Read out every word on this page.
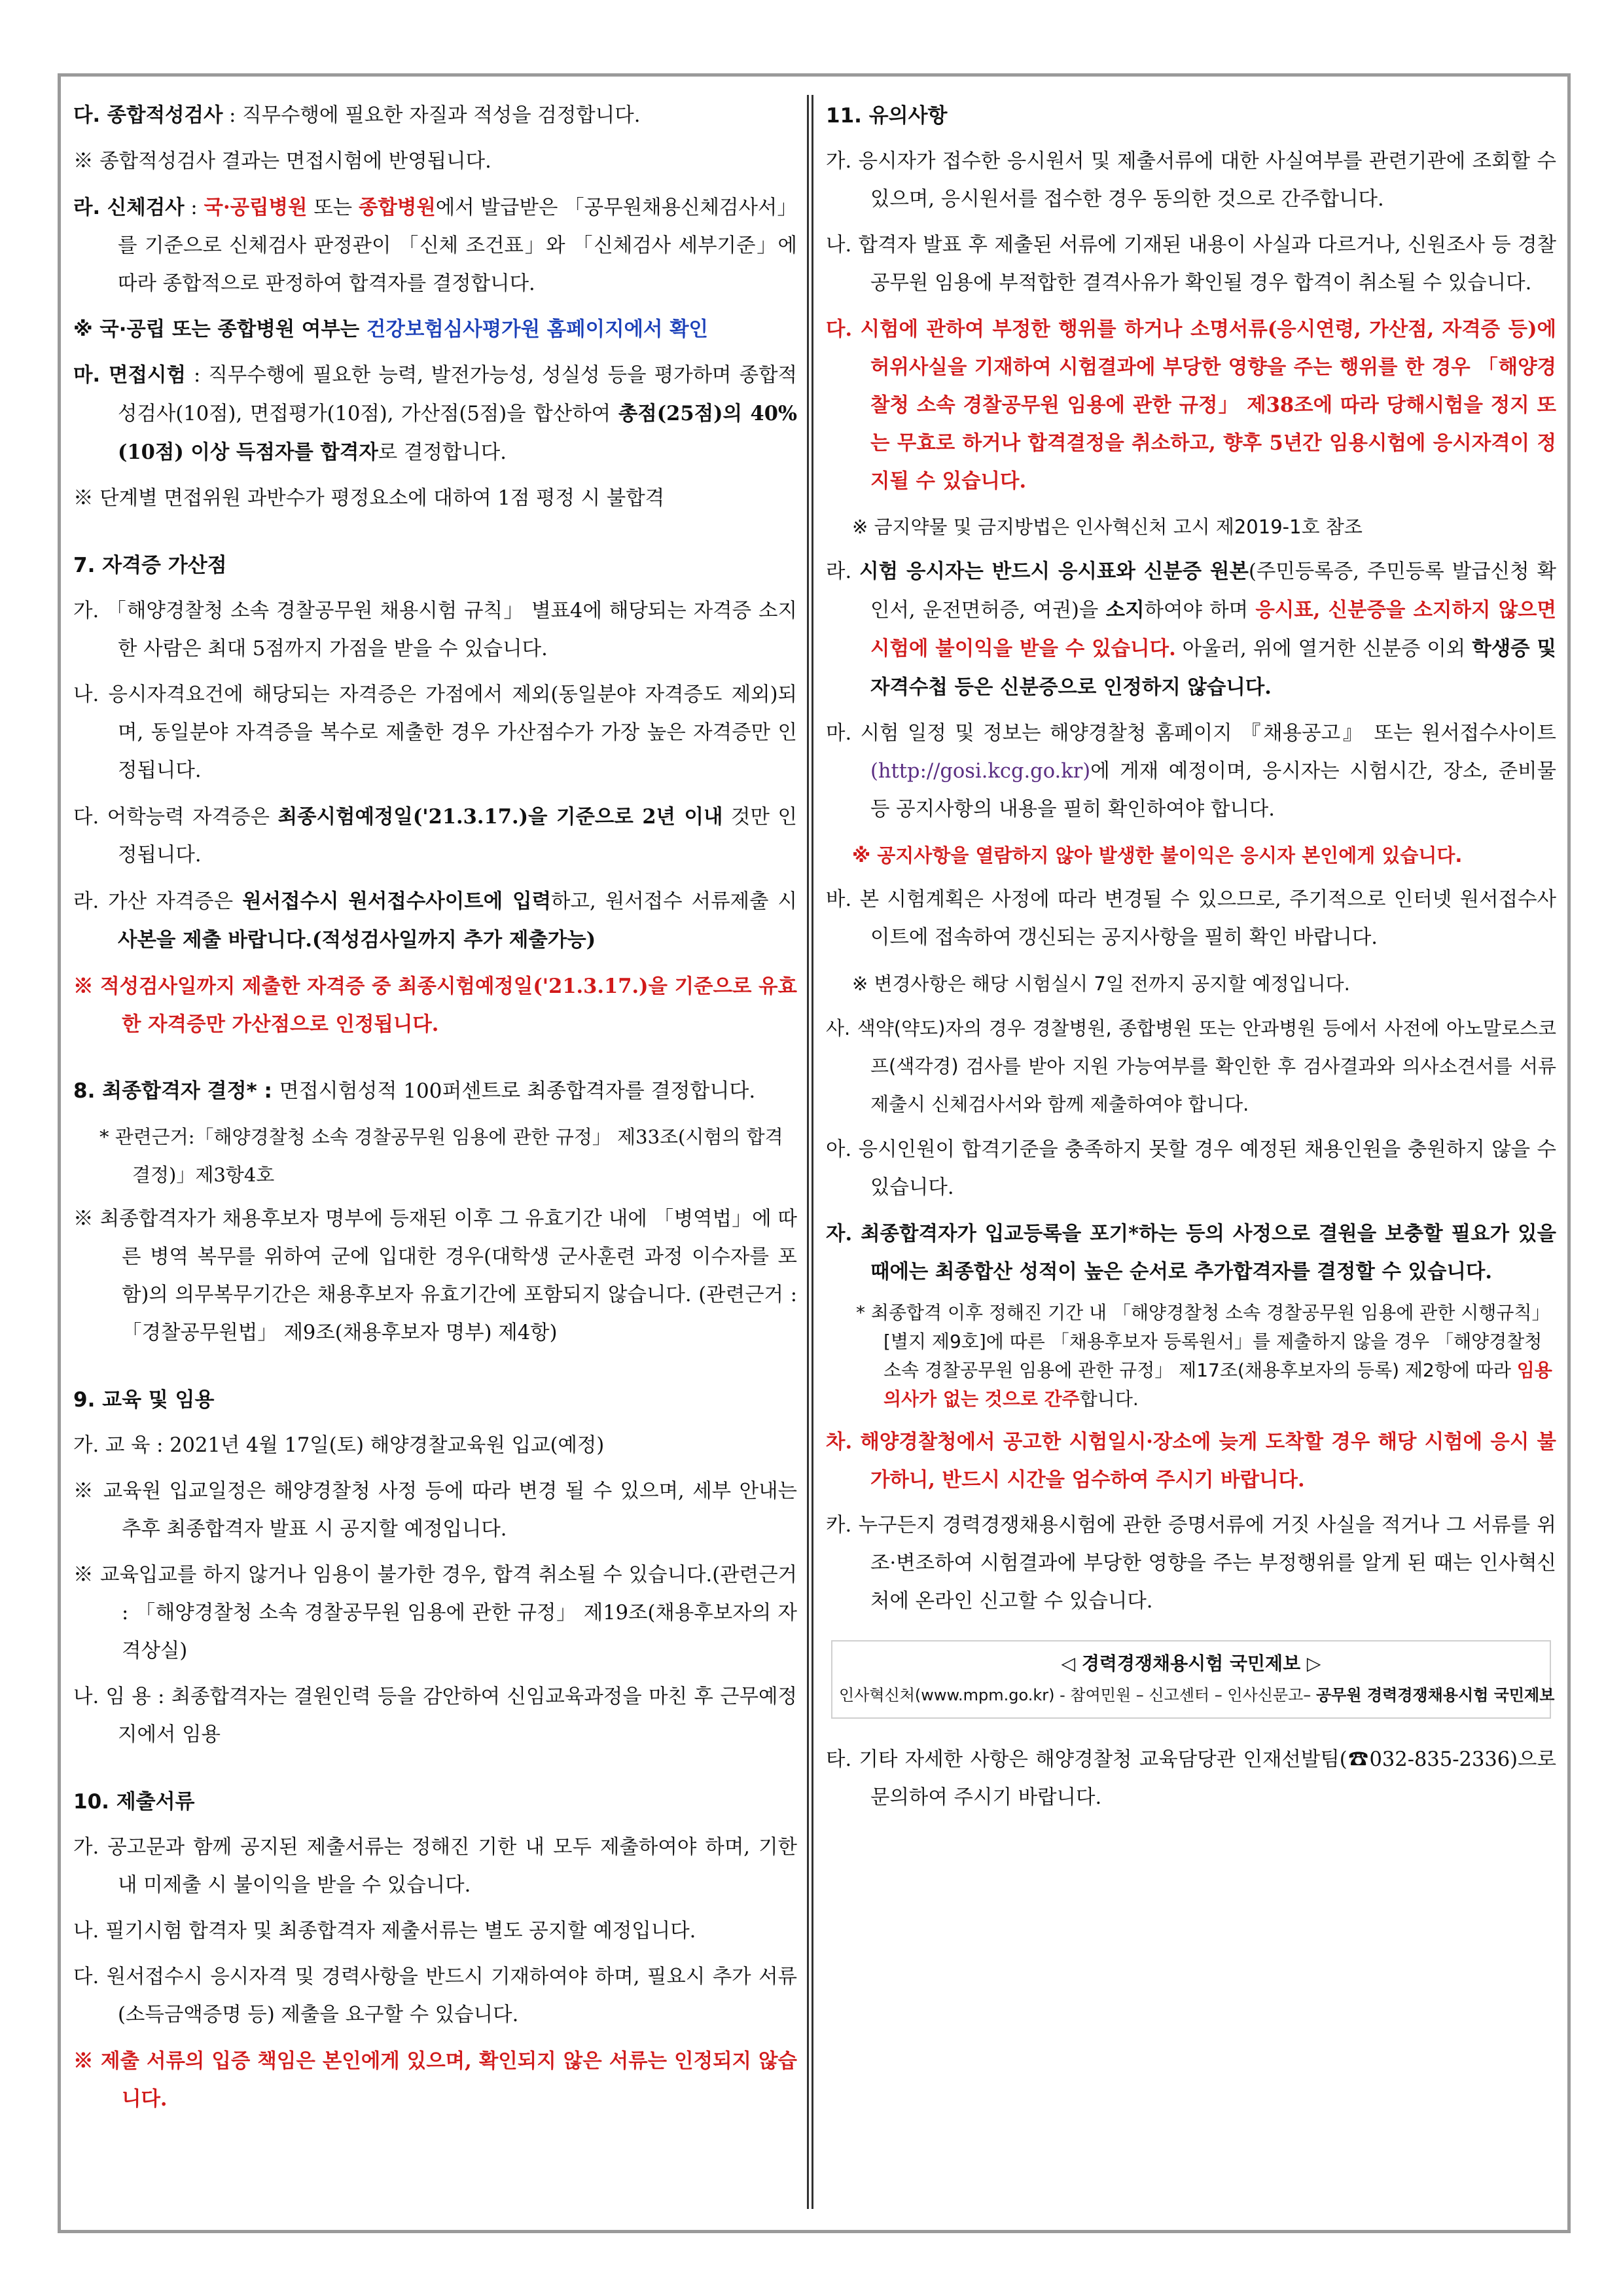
다. 종합적성검사 : 직무수행에 필요한 자질과 적성을 검정합니다.

※ 종합적성검사 결과는 면접시험에 반영됩니다.

라. 신체검사 : 국·공립병원 또는 종합병원에서 발급받은 「공무원채용신체검사서」를 기준으로 신체검사 판정관이 「신체 조건표」와 「신체검사 세부기준」에 따라 종합적으로 판정하여 합격자를 결정합니다.

※ 국·공립 또는 종합병원 여부는 건강보험심사평가원 홈페이지에서 확인

마. 면접시험 : 직무수행에 필요한 능력, 발전가능성, 성실성 등을 평가하며 종합적성검사(10점), 면접평가(10점), 가산점(5점)을 합산하여 총점(25점)의 40%(10점) 이상 득점자를 합격자로 결정합니다.

※ 단계별 면접위원 과반수가 평정요소에 대하여 1점 평정 시 불합격

7. 자격증 가산점

가. 「해양경찰청 소속 경찰공무원 채용시험 규칙」 별표4에 해당되는 자격증 소지한 사람은 최대 5점까지 가점을 받을 수 있습니다.

나. 응시자격요건에 해당되는 자격증은 가점에서 제외(동일분야 자격증도 제외)되며, 동일분야 자격증을 복수로 제출한 경우 가산점수가 가장 높은 자격증만 인정됩니다.

다. 어학능력 자격증은 최종시험예정일('21.3.17.)을 기준으로 2년 이내 것만 인정됩니다.

라. 가산 자격증은 원서접수시 원서접수사이트에 입력하고, 원서접수 서류제출 시 사본을 제출 바랍니다.(적성검사일까지 추가 제출가능)

※ 적성검사일까지 제출한 자격증 중 최종시험예정일('21.3.17.)을 기준으로 유효한 자격증만 가산점으로 인정됩니다.

8. 최종합격자 결정* : 면접시험성적 100퍼센트로 최종합격자를 결정합니다.

* 관련근거:「해양경찰청 소속 경찰공무원 임용에 관한 규정」 제33조(시험의 합격결정)」제3항4호

※ 최종합격자가 채용후보자 명부에 등재된 이후 그 유효기간 내에 「병역법」에 따른 병역 복무를 위하여 군에 입대한 경우(대학생 군사훈련 과정 이수자를 포함)의 의무복무기간은 채용후보자 유효기간에 포함되지 않습니다. (관련근거 : 「경찰공무원법」 제9조(채용후보자 명부) 제4항)

9. 교육 및 임용

가. 교 육 : 2021년 4월 17일(토) 해양경찰교육원 입교(예정)

※ 교육원 입교일정은 해양경찰청 사정 등에 따라 변경 될 수 있으며, 세부 안내는 추후 최종합격자 발표 시 공지할 예정입니다.

※ 교육입교를 하지 않거나 임용이 불가한 경우, 합격 취소될 수 있습니다.(관련근거 : 「해양경찰청 소속 경찰공무원 임용에 관한 규정」 제19조(채용후보자의 자격상실)

나. 임 용 : 최종합격자는 결원인력 등을 감안하여 신임교육과정을 마친 후 근무예정지에서 임용

10. 제출서류

가. 공고문과 함께 공지된 제출서류는 정해진 기한 내 모두 제출하여야 하며, 기한 내 미제출 시 불이익을 받을 수 있습니다.

나. 필기시험 합격자 및 최종합격자 제출서류는 별도 공지할 예정입니다.

다. 원서접수시 응시자격 및 경력사항을 반드시 기재하여야 하며, 필요시 추가 서류(소득금액증명 등) 제출을 요구할 수 있습니다.

※ 제출 서류의 입증 책임은 본인에게 있으며, 확인되지 않은 서류는 인정되지 않습니다.

11. 유의사항

가. 응시자가 접수한 응시원서 및 제출서류에 대한 사실여부를 관련기관에 조회할 수 있으며, 응시원서를 접수한 경우 동의한 것으로 간주합니다.

나. 합격자 발표 후 제출된 서류에 기재된 내용이 사실과 다르거나, 신원조사 등 경찰공무원 임용에 부적합한 결격사유가 확인될 경우 합격이 취소될 수 있습니다.

다. 시험에 관하여 부정한 행위를 하거나 소명서류(응시연령, 가산점, 자격증 등)에 허위사실을 기재하여 시험결과에 부당한 영향을 주는 행위를 한 경우 「해양경찰청 소속 경찰공무원 임용에 관한 규정」 제38조에 따라 당해시험을 정지 또는 무효로 하거나 합격결정을 취소하고, 향후 5년간 임용시험에 응시자격이 정지될 수 있습니다.

※ 금지약물 및 금지방법은 인사혁신처 고시 제2019-1호 참조

라. 시험 응시자는 반드시 응시표와 신분증 원본(주민등록증, 주민등록 발급신청 확인서, 운전면허증, 여권)을 소지하여야 하며 응시표, 신분증을 소지하지 않으면 시험에 불이익을 받을 수 있습니다. 아울러, 위에 열거한 신분증 이외 학생증 및 자격수첩 등은 신분증으로 인정하지 않습니다.

마. 시험 일정 및 정보는 해양경찰청 홈페이지 『채용공고』 또는 원서접수사이트(http://gosi.kcg.go.kr)에 게재 예정이며, 응시자는 시험시간, 장소, 준비물 등 공지사항의 내용을 필히 확인하여야 합니다.

※ 공지사항을 열람하지 않아 발생한 불이익은 응시자 본인에게 있습니다.

바. 본 시험계획은 사정에 따라 변경될 수 있으므로, 주기적으로 인터넷 원서접수사이트에 접속하여 갱신되는 공지사항을 필히 확인 바랍니다.

※ 변경사항은 해당 시험실시 7일 전까지 공지할 예정입니다.

사. 색약(약도)자의 경우 경찰병원, 종합병원 또는 안과병원 등에서 사전에 아노말로스코프(색각경) 검사를 받아 지원 가능여부를 확인한 후 검사결과와 의사소견서를 서류제출시 신체검사서와 함께 제출하여야 합니다.

아. 응시인원이 합격기준을 충족하지 못할 경우 예정된 채용인원을 충원하지 않을 수 있습니다.

자. 최종합격자가 입교등록을 포기*하는 등의 사정으로 결원을 보충할 필요가 있을 때에는 최종합산 성적이 높은 순서로 추가합격자를 결정할 수 있습니다.

* 최종합격 이후 정해진 기간 내 「해양경찰청 소속 경찰공무원 임용에 관한 시행규칙」[별지 제9호]에 따른 「채용후보자 등록원서」를 제출하지 않을 경우 「해양경찰청 소속 경찰공무원 임용에 관한 규정」 제17조(채용후보자의 등록) 제2항에 따라 임용의사가 없는 것으로 간주합니다.

차. 해양경찰청에서 공고한 시험일시·장소에 늦게 도착할 경우 해당 시험에 응시 불가하니, 반드시 시간을 엄수하여 주시기 바랍니다.

카. 누구든지 경력경쟁채용시험에 관한 증명서류에 거짓 사실을 적거나 그 서류를 위조·변조하여 시험결과에 부당한 영향을 주는 부정행위를 알게 된 때는 인사혁신처에 온라인 신고할 수 있습니다.

◁ 경력경쟁채용시험 국민제보 ▷
인사혁신처(www.mpm.go.kr) - 참여민원 – 신고센터 – 인사신문고– 공무원 경력경쟁채용시험 국민제보

타. 기타 자세한 사항은 해양경찰청 교육담당관 인재선발팀(☎032-835-2336)으로 문의하여 주시기 바랍니다.
